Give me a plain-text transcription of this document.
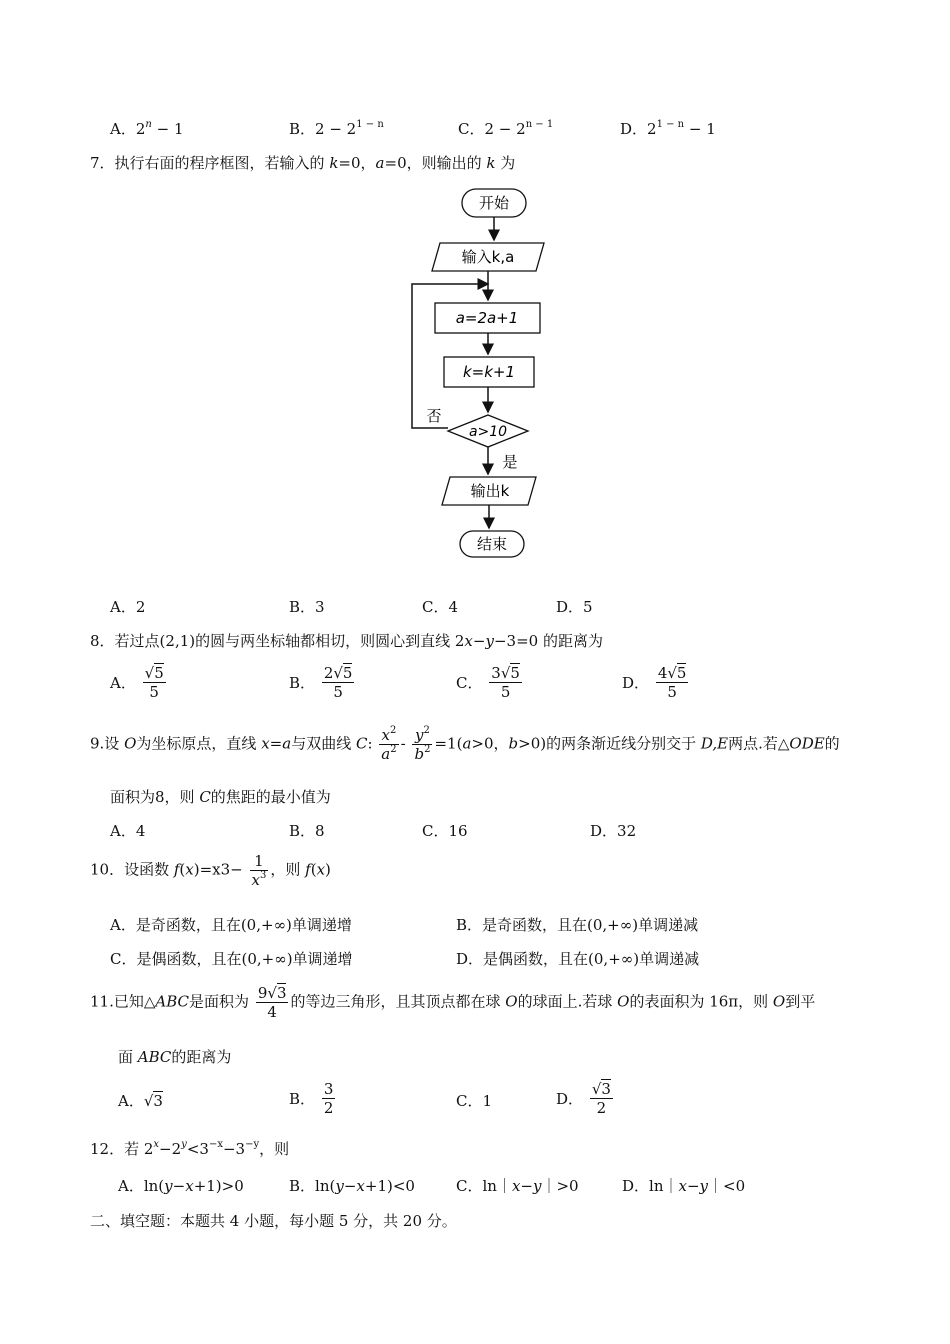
A．$2^n - 1$	B．$2 - 2^{1 - n}$	C．$2 - 2^{n - 1}$	D．$2^{1 - n} - 1$
7．执行右面的程序框图，若输入的 k=0，a=0，则输出的 k 为
开始
输入k,a
a=2a+1
k=k+1
a>10
否
是
输出k
结束
A．2	B．3	C．4	D．5
8．若过点(2,1)的圆与两坐标轴都相切，则圆心到直线 2x−y−3=0 的距离为
A． $\frac{√5}{5}$	B． $\frac{2√5}{5}$	C． $\frac{3√5}{5}$	D． $\frac{4√5}{5}$
9.设 O为坐标原点，直线 x=a与双曲线 C: $\frac{x^2}{a^2} - \frac{y^2}{b^2} =1(a>0$，b>0)的两条渐近线分别交于 D,E两点.若△ODE的
面积为8，则 C的焦距的最小值为
A．4	B．8	C．16	D．32
10．设函数 $f(x)=x3- \frac{1}{x^3}$ ，则 f(x)
A．是奇函数，且在(0,+∞)单调递增	B．是奇函数，且在(0,+∞)单调递减
C．是偶函数，且在(0,+∞)单调递增	D．是偶函数，且在(0,+∞)单调递减
11.已知△ABC是面积为 $\frac{9√3}{4}$ 的等边三角形，且其顶点都在球 O的球面上.若球 O的表面积为 16π，则 O到平
面 ABC的距离为
A．√3	B． $\frac{3}{2}$	C．1	D． $\frac{√3}{2}$
12．若 $2^x-2^y<3^{-x}-3^{-y}$，则
A．ln(y−x+1)>0	B．ln(y−x+1)<0	C．ln｜x−y｜>0	D．ln｜x−y｜<0
二、填空题：本题共 4 小题，每小题 5 分，共 20 分。
